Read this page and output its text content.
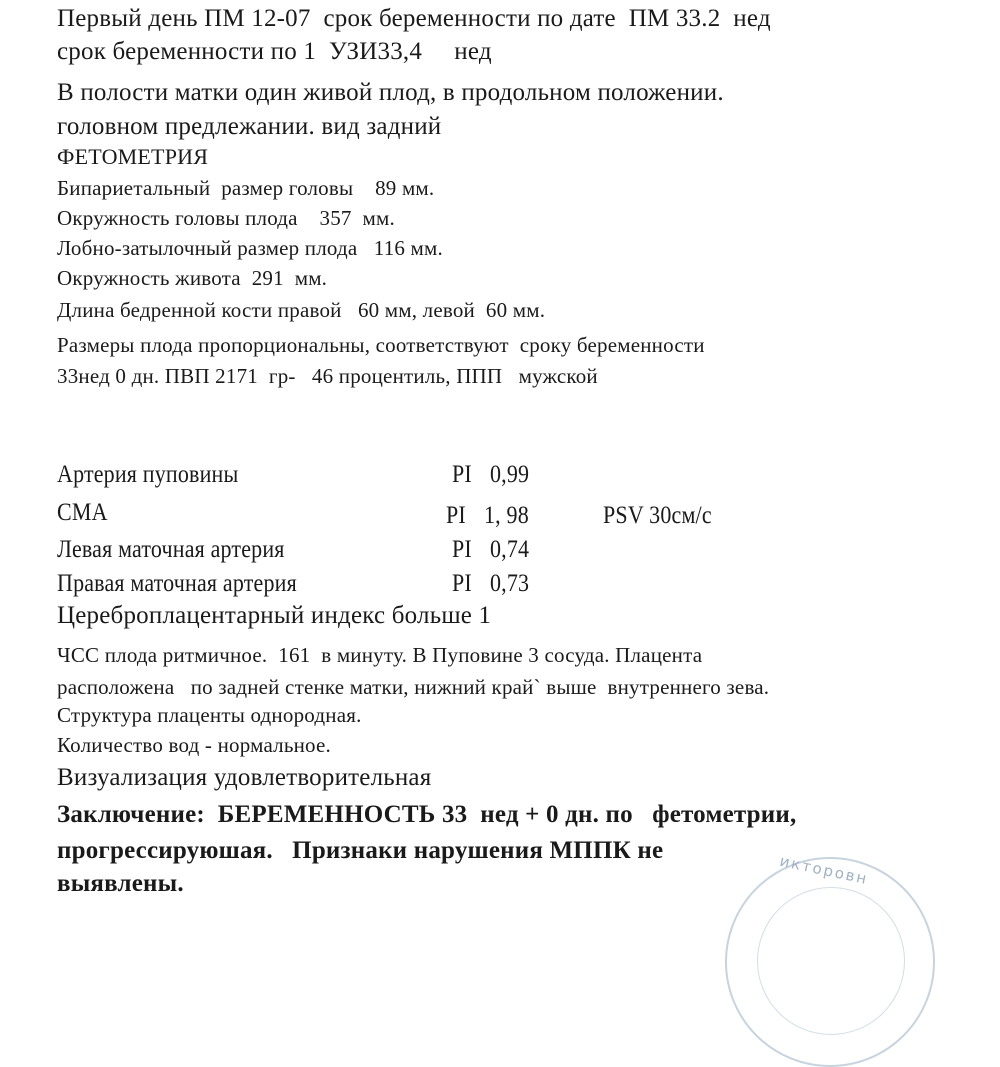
Первый день ПМ 12-07  срок беременности по дате  ПМ 33.2  нед
срок беременности по 1  УЗИ33,4     нед
В полости матки один живой плод, в продольном положении.
головном предлежании. вид задний
ФЕТОМЕТРИЯ
Бипариетальный  размер головы    89 мм.
Окружность головы плода    357  мм.
Лобно-затылочный размер плода   116 мм.
Окружность живота  291  мм.
Длина бедренной кости правой   60 мм, левой  60 мм.
Размеры плода пропорциональны, соответствуют  сроку беременности
33нед 0 дн. ПВП 2171  гр-   46 процентиль, ППП   мужской
Артерия пуповины	PI 0,99
СМА	PI 1, 98	PSV 30см/с
Левая маточная артерия	PI 0,74
Правая маточная артерия	PI 0,73
Цереброплацентарный индекс больше 1
ЧСС плода ритмичное.  161  в минуту. В Пуповине 3 сосуда. Плацента
расположена   по задней стенке матки, нижний край` выше  внутреннего зева.
Структура плаценты однородная.
Количество вод - нормальное.
Визуализация удовлетворительная
Заключение:  БЕРЕМЕННОСТЬ 33  нед + 0 дн. по   фетометрии,
прогрессируюшая.   Признаки нарушения МППК не
выявлены.	икторовн
